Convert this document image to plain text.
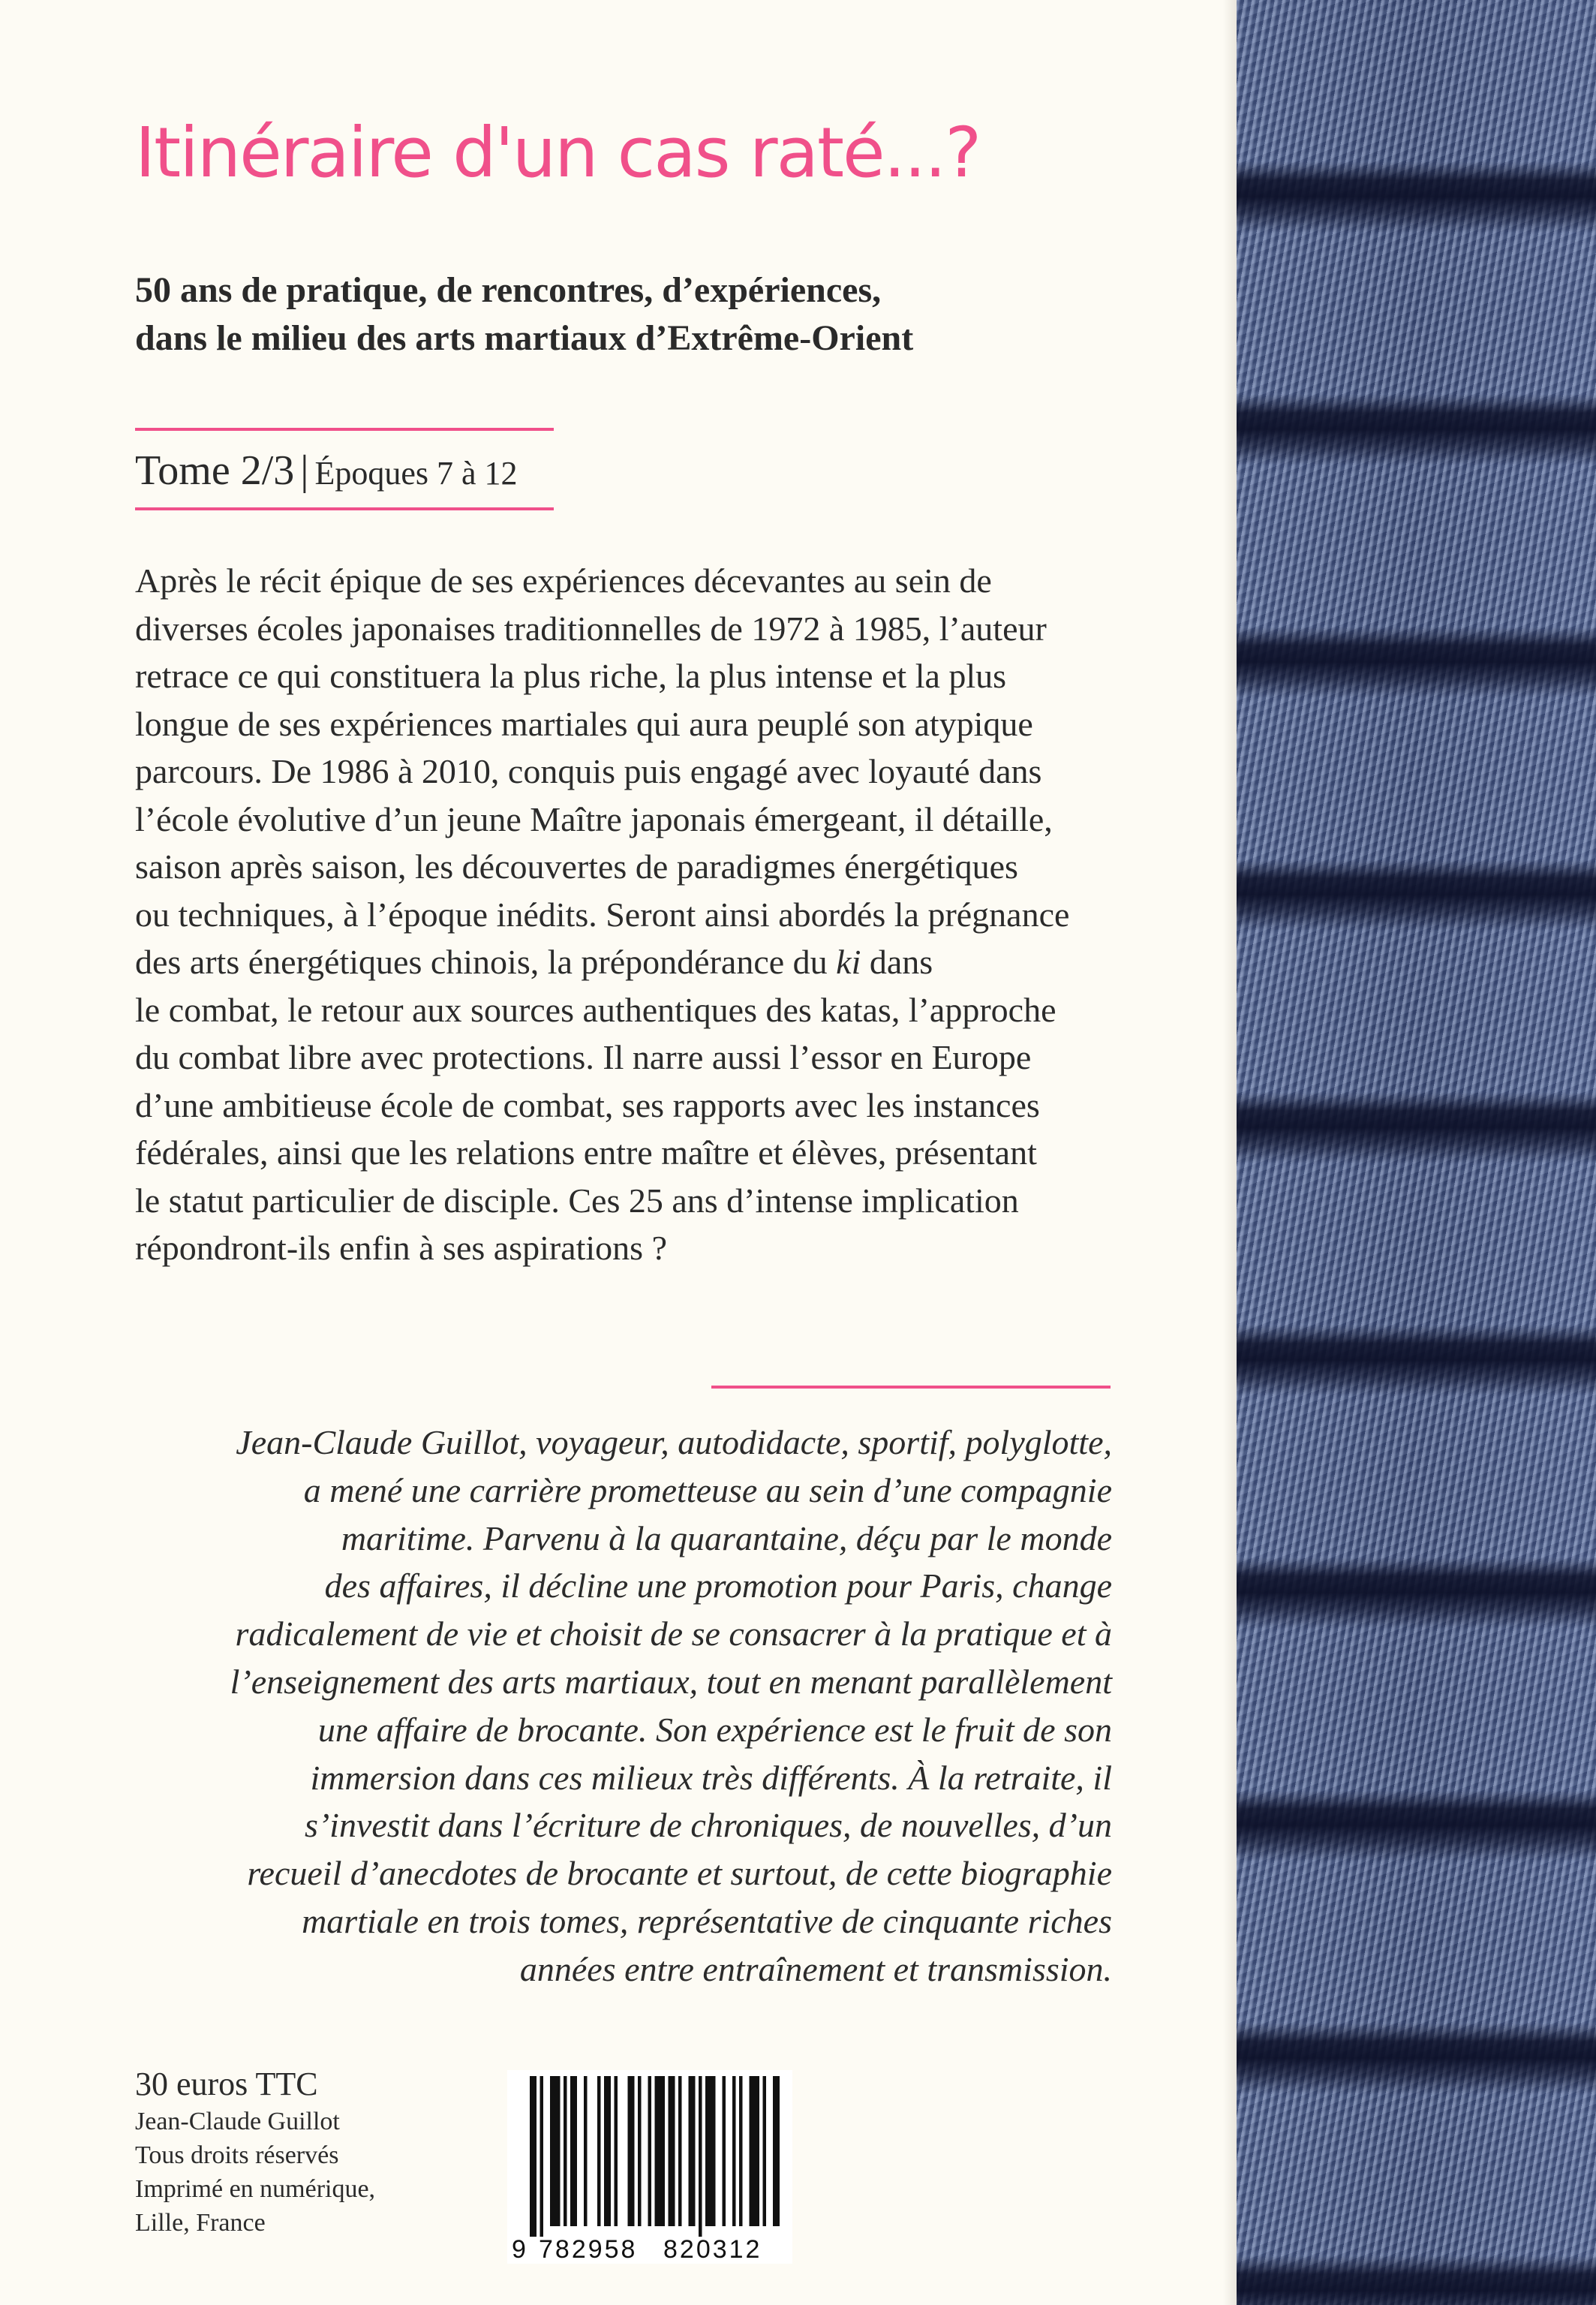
Itinéraire d'un cas raté...?

50 ans de pratique, de rencontres, d’expériences,
dans le milieu des arts martiaux d’Extrême-Orient

Tome 2/3 | Époques 7 à 12

Après le récit épique de ses expériences décevantes au sein de
diverses écoles japonaises traditionnelles de 1972 à 1985, l’auteur
retrace ce qui constituera la plus riche, la plus intense et la plus
longue de ses expériences martiales qui aura peuplé son atypique
parcours. De 1986 à 2010, conquis puis engagé avec loyauté dans
l’école évolutive d’un jeune Maître japonais émergeant, il détaille,
saison après saison, les découvertes de paradigmes énergétiques
ou techniques, à l’époque inédits. Seront ainsi abordés la prégnance
des arts énergétiques chinois, la prépondérance du ki dans
le combat, le retour aux sources authentiques des katas, l’approche
du combat libre avec protections. Il narre aussi l’essor en Europe
d’une ambitieuse école de combat, ses rapports avec les instances
fédérales, ainsi que les relations entre maître et élèves, présentant
le statut particulier de disciple. Ces 25 ans d’intense implication
répondront-ils enfin à ses aspirations ?
Jean-Claude Guillot, voyageur, autodidacte, sportif, polyglotte,
a mené une carrière prometteuse au sein d’une compagnie
maritime. Parvenu à la quarantaine, déçu par le monde
des affaires, il décline une promotion pour Paris, change
radicalement de vie et choisit de se consacrer à la pratique et à
l’enseignement des arts martiaux, tout en menant parallèlement
une affaire de brocante. Son expérience est le fruit de son
immersion dans ces milieux très différents. À la retraite, il
s’investit dans l’écriture de chroniques, de nouvelles, d’un
recueil d’anecdotes de brocante et surtout, de cette biographie
martiale en trois tomes, représentative de cinquante riches
années entre entraînement et transmission.
30 euros TTC
Jean-Claude Guillot
Tous droits réservés
Imprimé en numérique,
Lille, France
9 782958 820312
